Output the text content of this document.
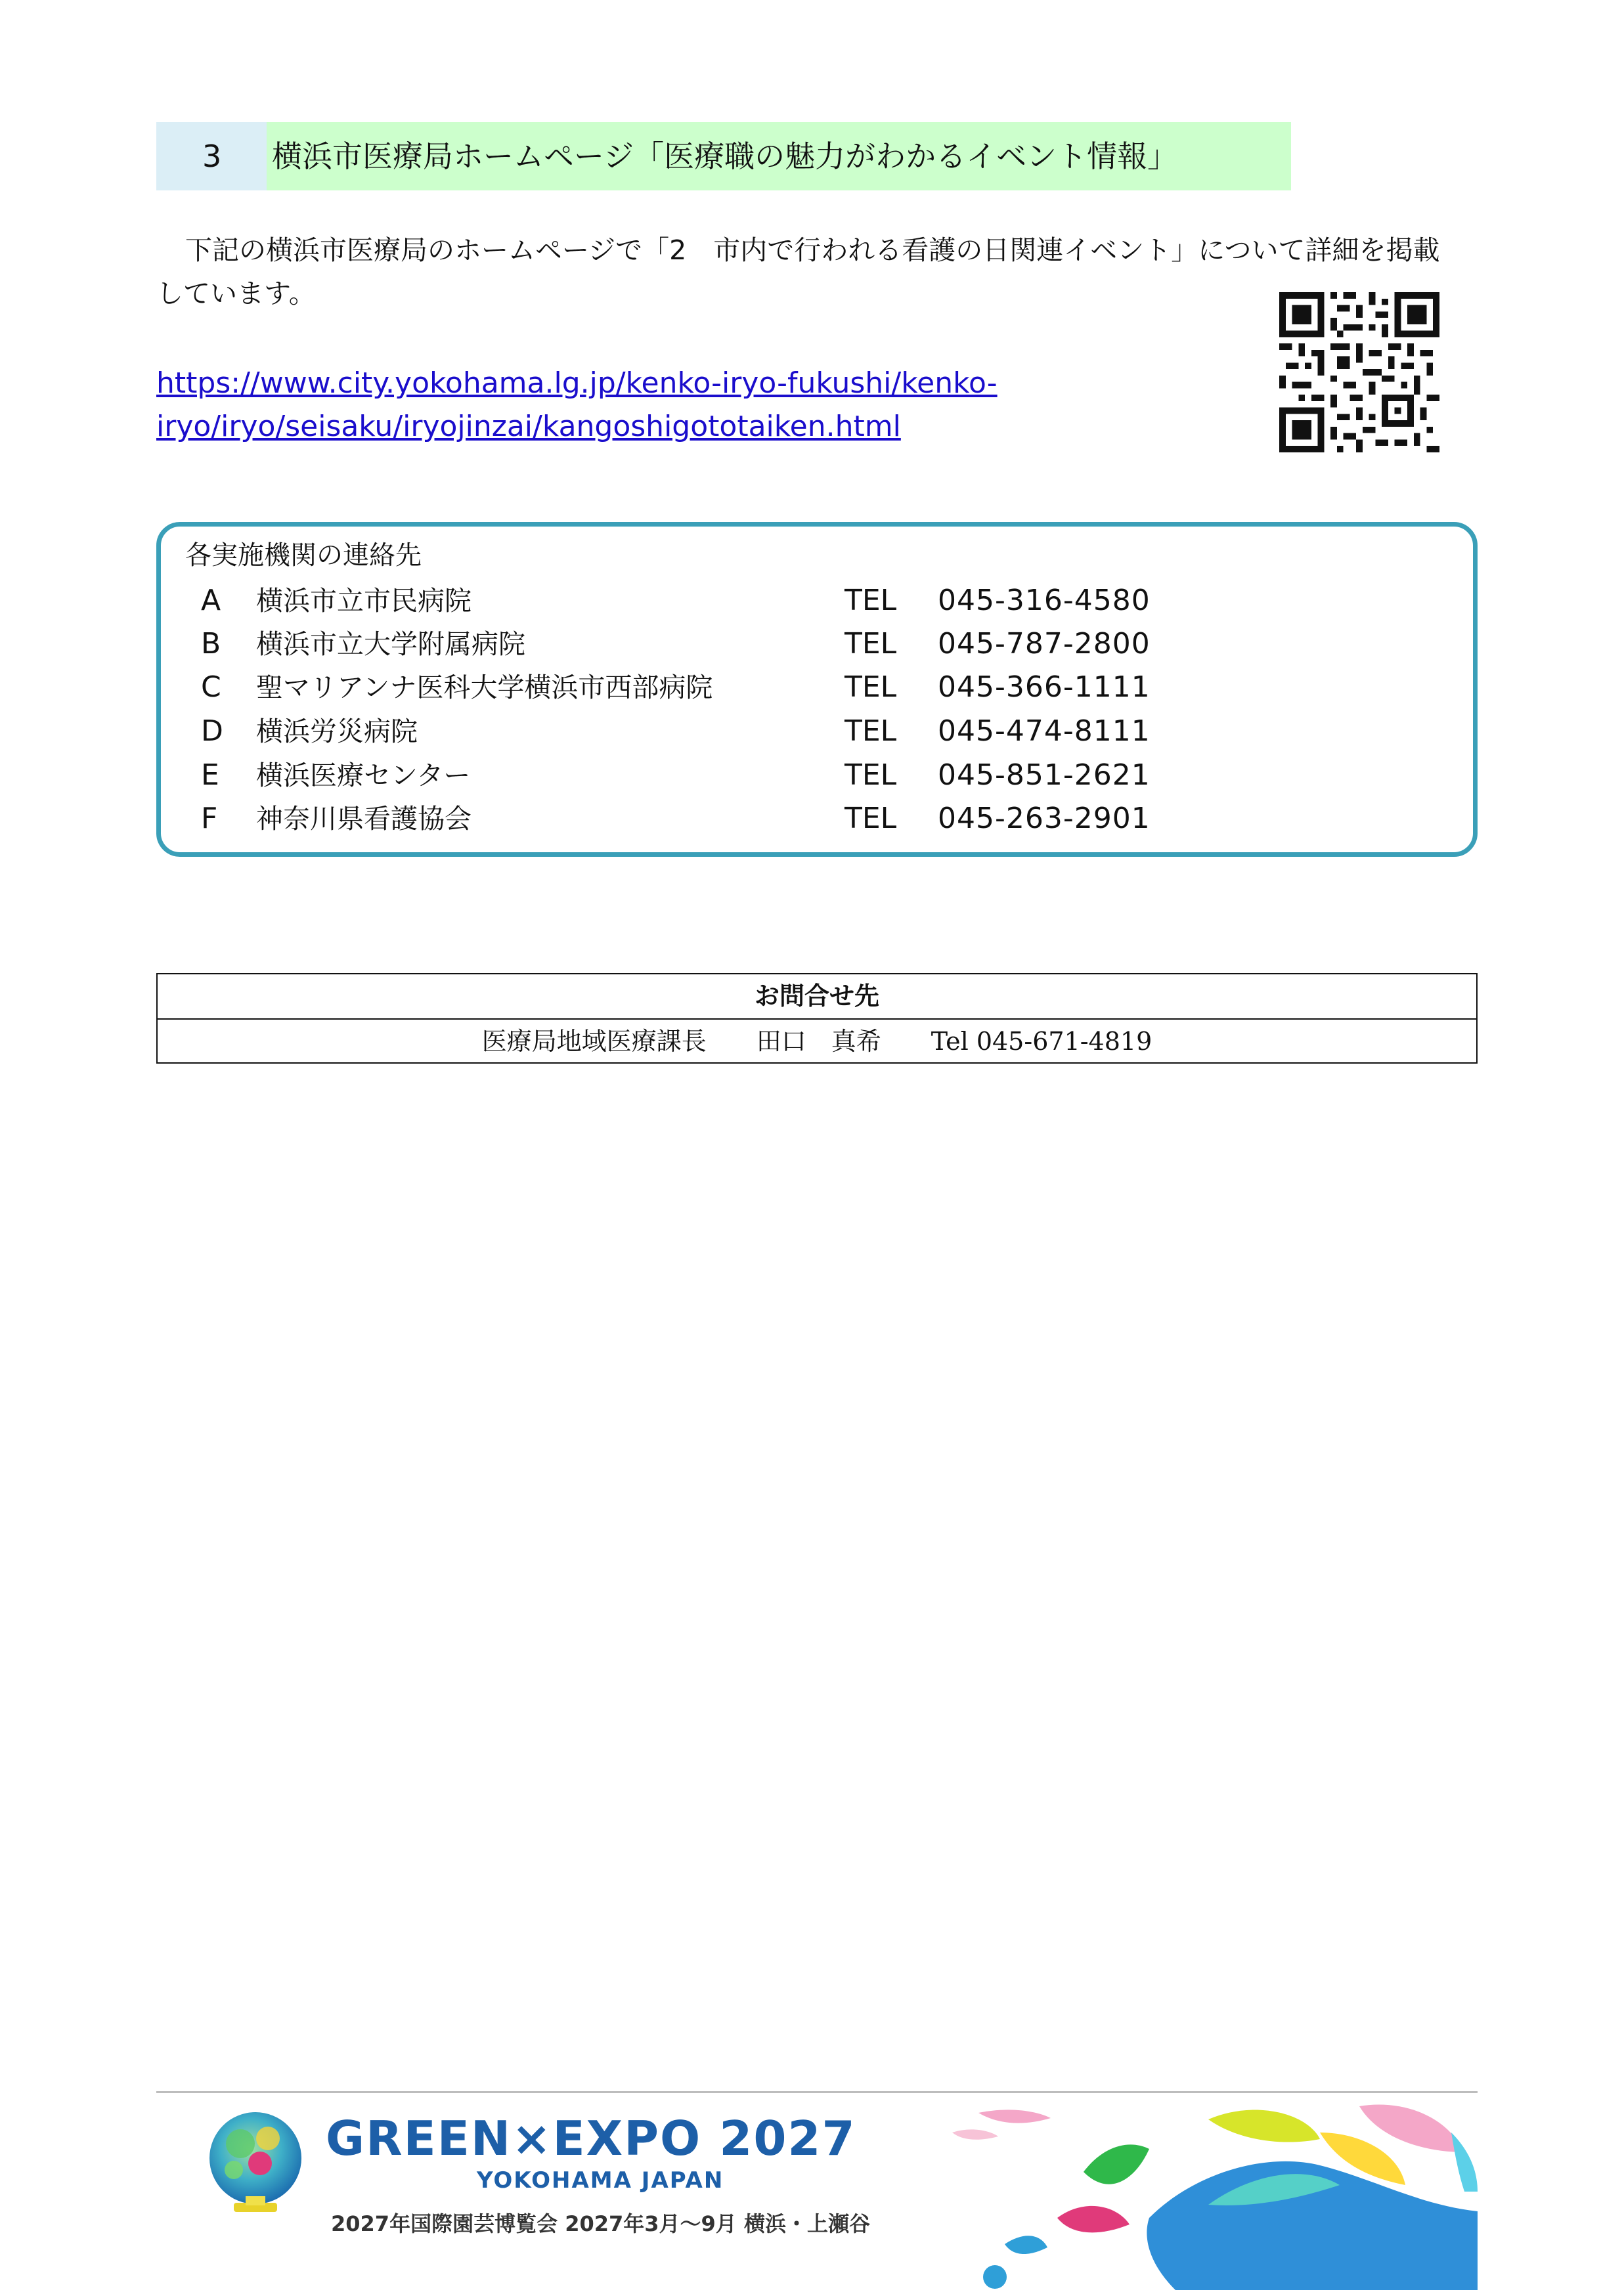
3	横浜市医療局ホームページ「医療職の魅力がわかるイベント情報」
下記の横浜市医療局のホームページで「2　市内で行われる看護の日関連イベント」について詳細を掲載
しています。
https://www.city.yokohama.lg.jp/kenko-iryo-fukushi/kenko-
iryo/iryo/seisaku/iryojinzai/kangoshigototaiken.html
各実施機関の連絡先
A 横浜市立市民病院	TEL 045-316-4580
B 横浜市立大学附属病院	TEL 045-787-2800
C 聖マリアンナ医科大学横浜市西部病院	TEL 045-366-1111
D 横浜労災病院	TEL 045-474-8111
E 横浜医療センター	TEL 045-851-2621
F 神奈川県看護協会	TEL 045-263-2901
お問合せ先
医療局地域医療課長　　田口　真希　　Tel 045-671-4819
GREEN×EXPO 2027
YOKOHAMA JAPAN
2027年国際園芸博覧会 2027年3月～9月 横浜・上瀬谷
